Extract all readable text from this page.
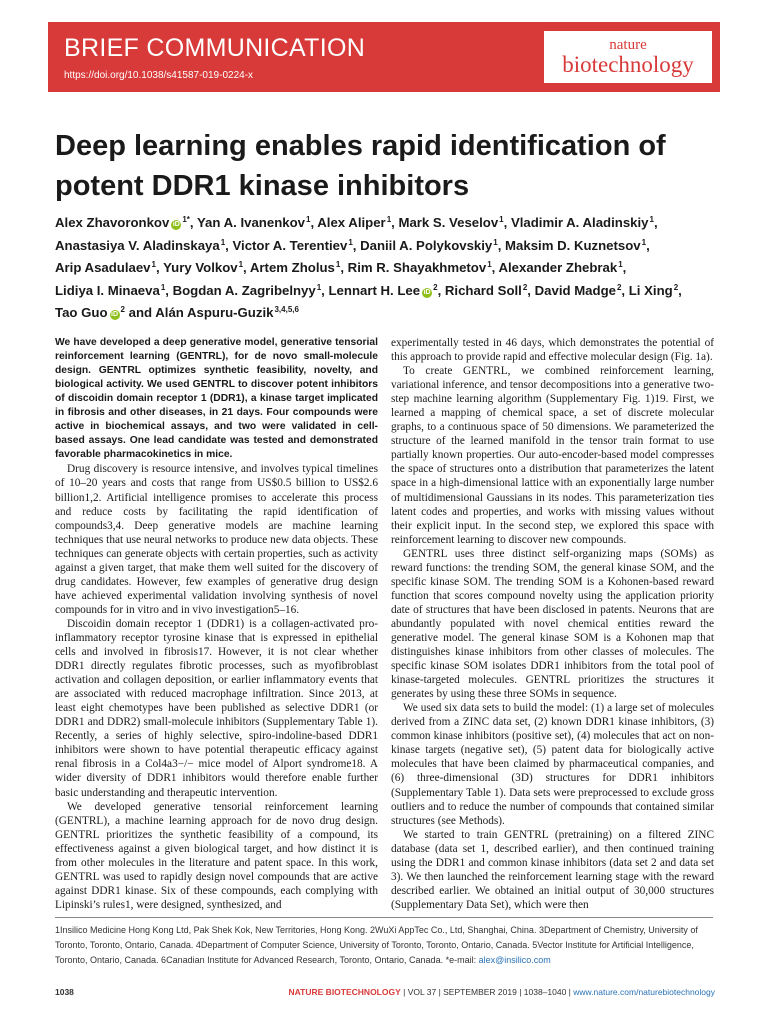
BRIEF COMMUNICATION
https://doi.org/10.1038/s41587-019-0224-x
nature
biotechnology
Deep learning enables rapid identification of potent DDR1 kinase inhibitors
Alex Zhavoronkov $iD^{1*}$, Yan A. Ivanenkov$^1$, Alex Aliper$^1$, Mark S. Veselov$^1$, Vladimir A. Aladinskiy$^1$, Anastasiya V. Aladinskaya$^1$, Victor A. Terentiev$^1$, Daniil A. Polykovskiy$^1$, Maksim D. Kuznetsov$^1$, Arip Asadulaev$^1$, Yury Volkov$^1$, Artem Zholus$^1$, Rim R. Shayakhmetov$^1$, Alexander Zhebrak$^1$, Lidiya I. Minaeva$^1$, Bogdan A. Zagribelnyy$^1$, Lennart H. Lee $iD^2$, Richard Soll$^2$, David Madge$^2$, Li Xing$^2$, Tao Guo $iD^2$ and Alán Aspuru-Guzik$^{3,4,5,6}$

We have developed a deep generative model, generative tensorial reinforcement learning (GENTRL), for de novo small-molecule design. GENTRL optimizes synthetic feasibility, novelty, and biological activity. We used GENTRL to discover potent inhibitors of discoidin domain receptor 1 (DDR1), a kinase target implicated in fibrosis and other diseases, in 21 days. Four compounds were active in biochemical assays, and two were validated in cell-based assays. One lead candidate was tested and demonstrated favorable pharmacokinetics in mice.

Drug discovery is resource intensive, and involves typical timelines of 10–20 years and costs that range from US$0.5 billion to US$2.6 billion1,2. Artificial intelligence promises to accelerate this process and reduce costs by facilitating the rapid identification of compounds3,4. Deep generative models are machine learning techniques that use neural networks to produce new data objects. These techniques can generate objects with certain properties, such as activity against a given target, that make them well suited for the discovery of drug candidates. However, few examples of generative drug design have achieved experimental validation involving synthesis of novel compounds for in vitro and in vivo investigation5–16.

Discoidin domain receptor 1 (DDR1) is a collagen-activated pro-inflammatory receptor tyrosine kinase that is expressed in epithelial cells and involved in fibrosis17. However, it is not clear whether DDR1 directly regulates fibrotic processes, such as myofibroblast activation and collagen deposition, or earlier inflammatory events that are associated with reduced macrophage infiltration. Since 2013, at least eight chemotypes have been published as selective DDR1 (or DDR1 and DDR2) small-molecule inhibitors (Supplementary Table 1). Recently, a series of highly selective, spiro-indoline-based DDR1 inhibitors were shown to have potential therapeutic efficacy against renal fibrosis in a Col4a3−/− mice model of Alport syndrome18. A wider diversity of DDR1 inhibitors would therefore enable further basic understanding and therapeutic intervention.

We developed generative tensorial reinforcement learning (GENTRL), a machine learning approach for de novo drug design. GENTRL prioritizes the synthetic feasibility of a compound, its effectiveness against a given biological target, and how distinct it is from other molecules in the literature and patent space. In this work, GENTRL was used to rapidly design novel compounds that are active against DDR1 kinase. Six of these compounds, each complying with Lipinski’s rules1, were designed, synthesized, and

experimentally tested in 46 days, which demonstrates the potential of this approach to provide rapid and effective molecular design (Fig. 1a).

To create GENTRL, we combined reinforcement learning, variational inference, and tensor decompositions into a generative two-step machine learning algorithm (Supplementary Fig. 1)19. First, we learned a mapping of chemical space, a set of discrete molecular graphs, to a continuous space of 50 dimensions. We parameterized the structure of the learned manifold in the tensor train format to use partially known properties. Our auto-encoder-based model compresses the space of structures onto a distribution that parameterizes the latent space in a high-dimensional lattice with an exponentially large number of multidimensional Gaussians in its nodes. This parameterization ties latent codes and properties, and works with missing values without their explicit input. In the second step, we explored this space with reinforcement learning to discover new compounds.

GENTRL uses three distinct self-organizing maps (SOMs) as reward functions: the trending SOM, the general kinase SOM, and the specific kinase SOM. The trending SOM is a Kohonen-based reward function that scores compound novelty using the application priority date of structures that have been disclosed in patents. Neurons that are abundantly populated with novel chemical entities reward the generative model. The general kinase SOM is a Kohonen map that distinguishes kinase inhibitors from other classes of molecules. The specific kinase SOM isolates DDR1 inhibitors from the total pool of kinase-targeted molecules. GENTRL prioritizes the structures it generates by using these three SOMs in sequence.

We used six data sets to build the model: (1) a large set of molecules derived from a ZINC data set, (2) known DDR1 kinase inhibitors, (3) common kinase inhibitors (positive set), (4) molecules that act on non-kinase targets (negative set), (5) patent data for biologically active molecules that have been claimed by pharmaceutical companies, and (6) three-dimensional (3D) structures for DDR1 inhibitors (Supplementary Table 1). Data sets were preprocessed to exclude gross outliers and to reduce the number of compounds that contained similar structures (see Methods).

We started to train GENTRL (pretraining) on a filtered ZINC database (data set 1, described earlier), and then continued training using the DDR1 and common kinase inhibitors (data set 2 and data set 3). We then launched the reinforcement learning stage with the reward described earlier. We obtained an initial output of 30,000 structures (Supplementary Data Set), which were then

1Insilico Medicine Hong Kong Ltd, Pak Shek Kok, New Territories, Hong Kong. 2WuXi AppTec Co., Ltd, Shanghai, China. 3Department of Chemistry, University of Toronto, Toronto, Ontario, Canada. 4Department of Computer Science, University of Toronto, Toronto, Ontario, Canada. 5Vector Institute for Artificial Intelligence, Toronto, Ontario, Canada. 6Canadian Institute for Advanced Research, Toronto, Ontario, Canada. *e-mail: alex@insilico.com
1038	NATURE BIOTECHNOLOGY | VOL 37 | SEPTEMBER 2019 | 1038–1040 | www.nature.com/naturebiotechnology
